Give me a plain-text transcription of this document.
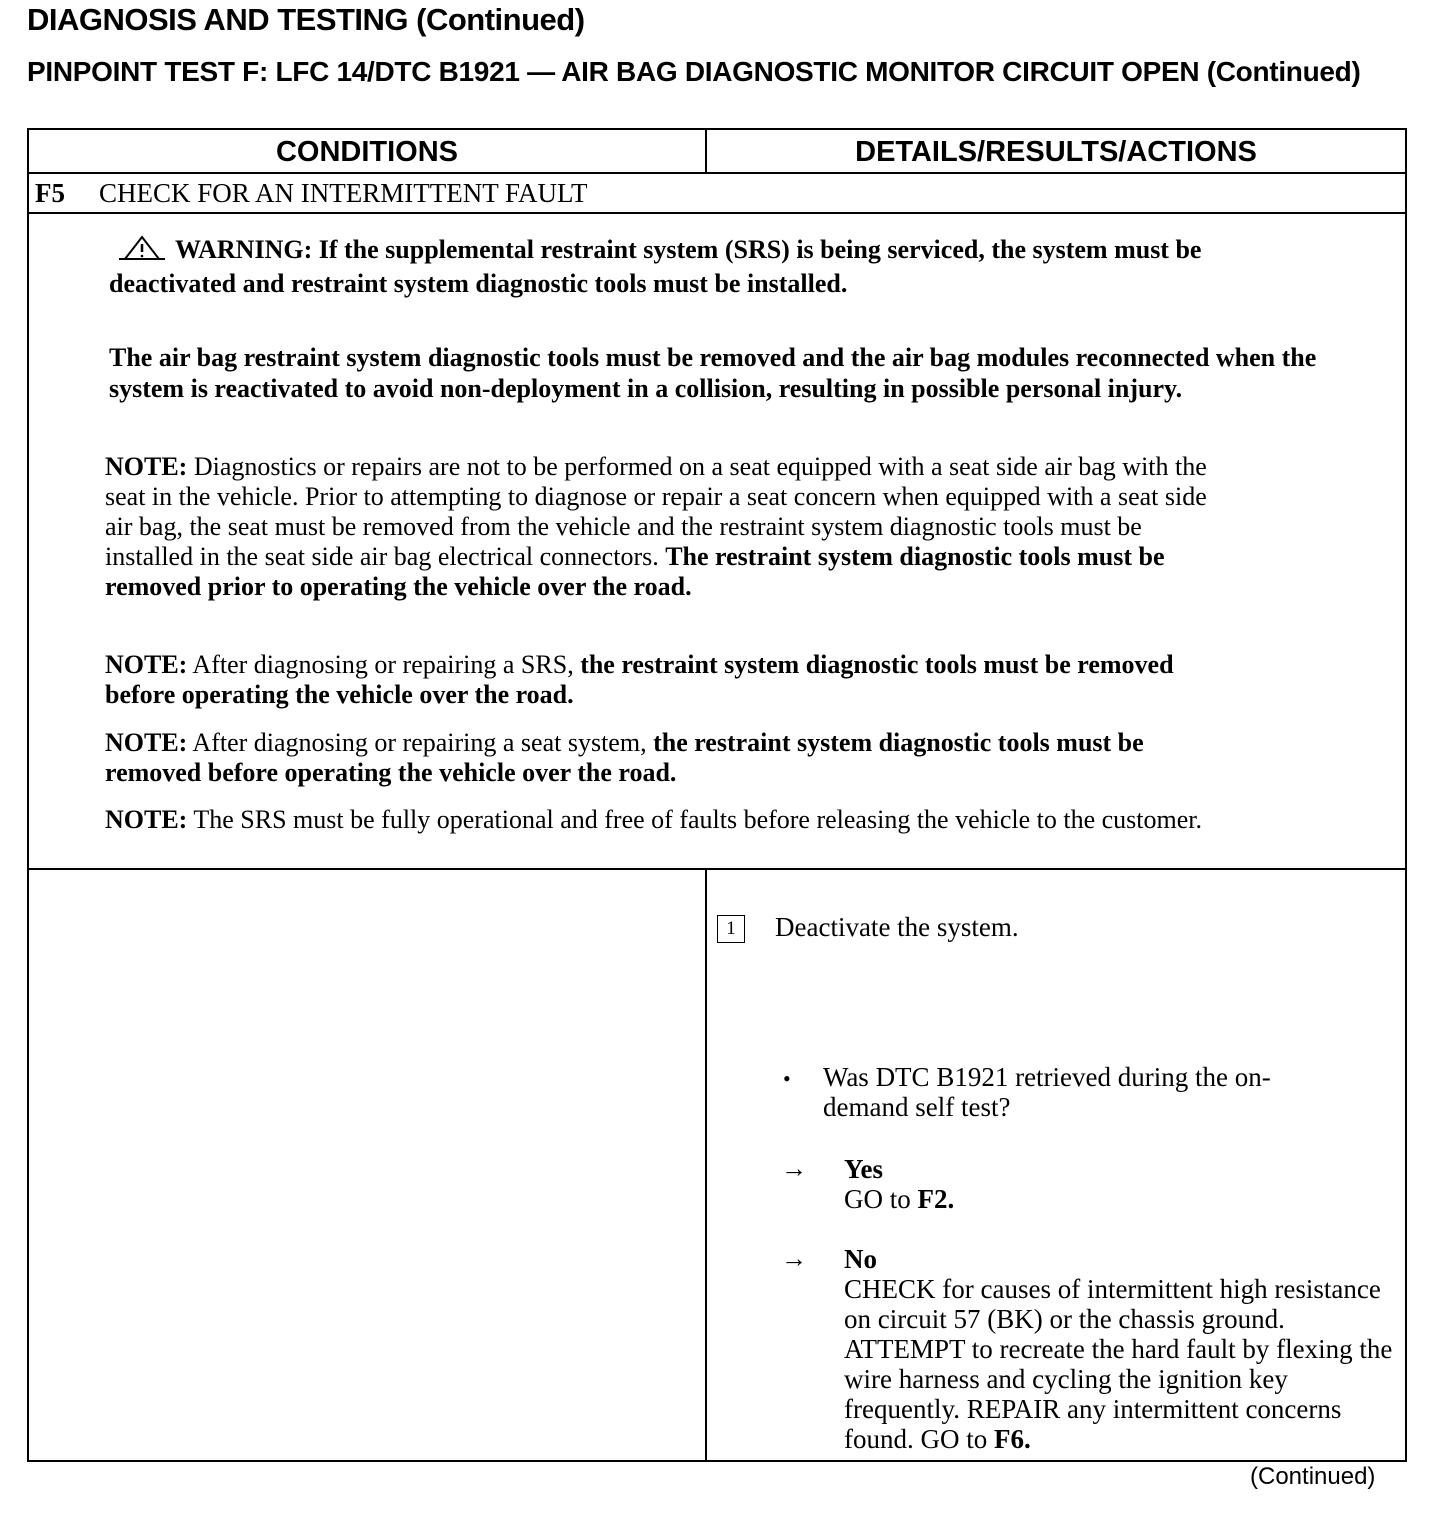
DIAGNOSIS AND TESTING (Continued)
PINPOINT TEST F: LFC 14/DTC B1921 — AIR BAG DIAGNOSTIC MONITOR CIRCUIT OPEN (Continued)
CONDITIONS	DETAILS/RESULTS/ACTIONS
F5 CHECK FOR AN INTERMITTENT FAULT
WARNING: If the supplemental restraint system (SRS) is being serviced, the system must be deactivated and restraint system diagnostic tools must be installed.
The air bag restraint system diagnostic tools must be removed and the air bag modules reconnected when the system is reactivated to avoid non-deployment in a collision, resulting in possible personal injury.
NOTE: Diagnostics or repairs are not to be performed on a seat equipped with a seat side air bag with the seat in the vehicle. Prior to attempting to diagnose or repair a seat concern when equipped with a seat side air bag, the seat must be removed from the vehicle and the restraint system diagnostic tools must be installed in the seat side air bag electrical connectors. The restraint system diagnostic tools must be removed prior to operating the vehicle over the road.
NOTE: After diagnosing or repairing a SRS, the restraint system diagnostic tools must be removed before operating the vehicle over the road.
NOTE: After diagnosing or repairing a seat system, the restraint system diagnostic tools must be removed before operating the vehicle over the road.
NOTE: The SRS must be fully operational and free of faults before releasing the vehicle to the customer.
1	Deactivate the system.
• Was DTC B1921 retrieved during the on-demand self test?
→ Yes
GO to F2.
→ No
CHECK for causes of intermittent high resistance on circuit 57 (BK) or the chassis ground. ATTEMPT to recreate the hard fault by flexing the wire harness and cycling the ignition key frequently. REPAIR any intermittent concerns found. GO to F6.
(Continued)
